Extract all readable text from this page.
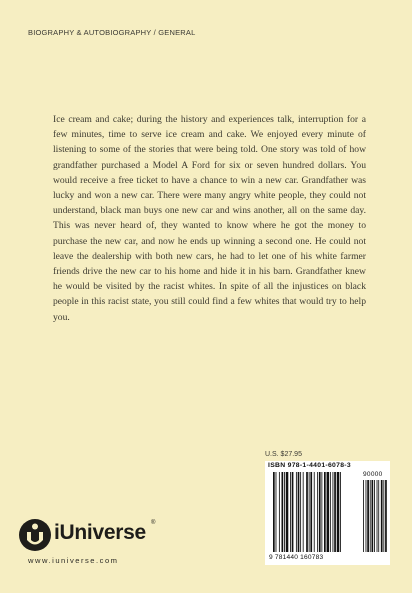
BIOGRAPHY & AUTOBIOGRAPHY / GENERAL

Ice cream and cake; during the history and experiences talk, interruption for a few minutes, time to serve ice cream and cake. We enjoyed every minute of listening to some of the stories that were being told. One story was told of how grandfather purchased a Model A Ford for six or seven hundred dollars. You would receive a free ticket to have a chance to win a new car. Grandfather was lucky and won a new car. There were many angry white people, they could not understand, black man buys one new car and wins another, all on the same day. This was never heard of, they wanted to know where he got the money to purchase the new car, and now he ends up winning a second one. He could not leave the dealership with both new cars, he had to let one of his white farmer friends drive the new car to his home and hide it in his barn. Grandfather knew he would be visited by the racist whites. In spite of all the injustices on black people in this racist state, you still could find a few whites that would try to help you.

U.S. $27.95

ISBN 978-1-4401-6078-3
90000
9 781440 160783
iUniverse ®

www.iuniverse.com
